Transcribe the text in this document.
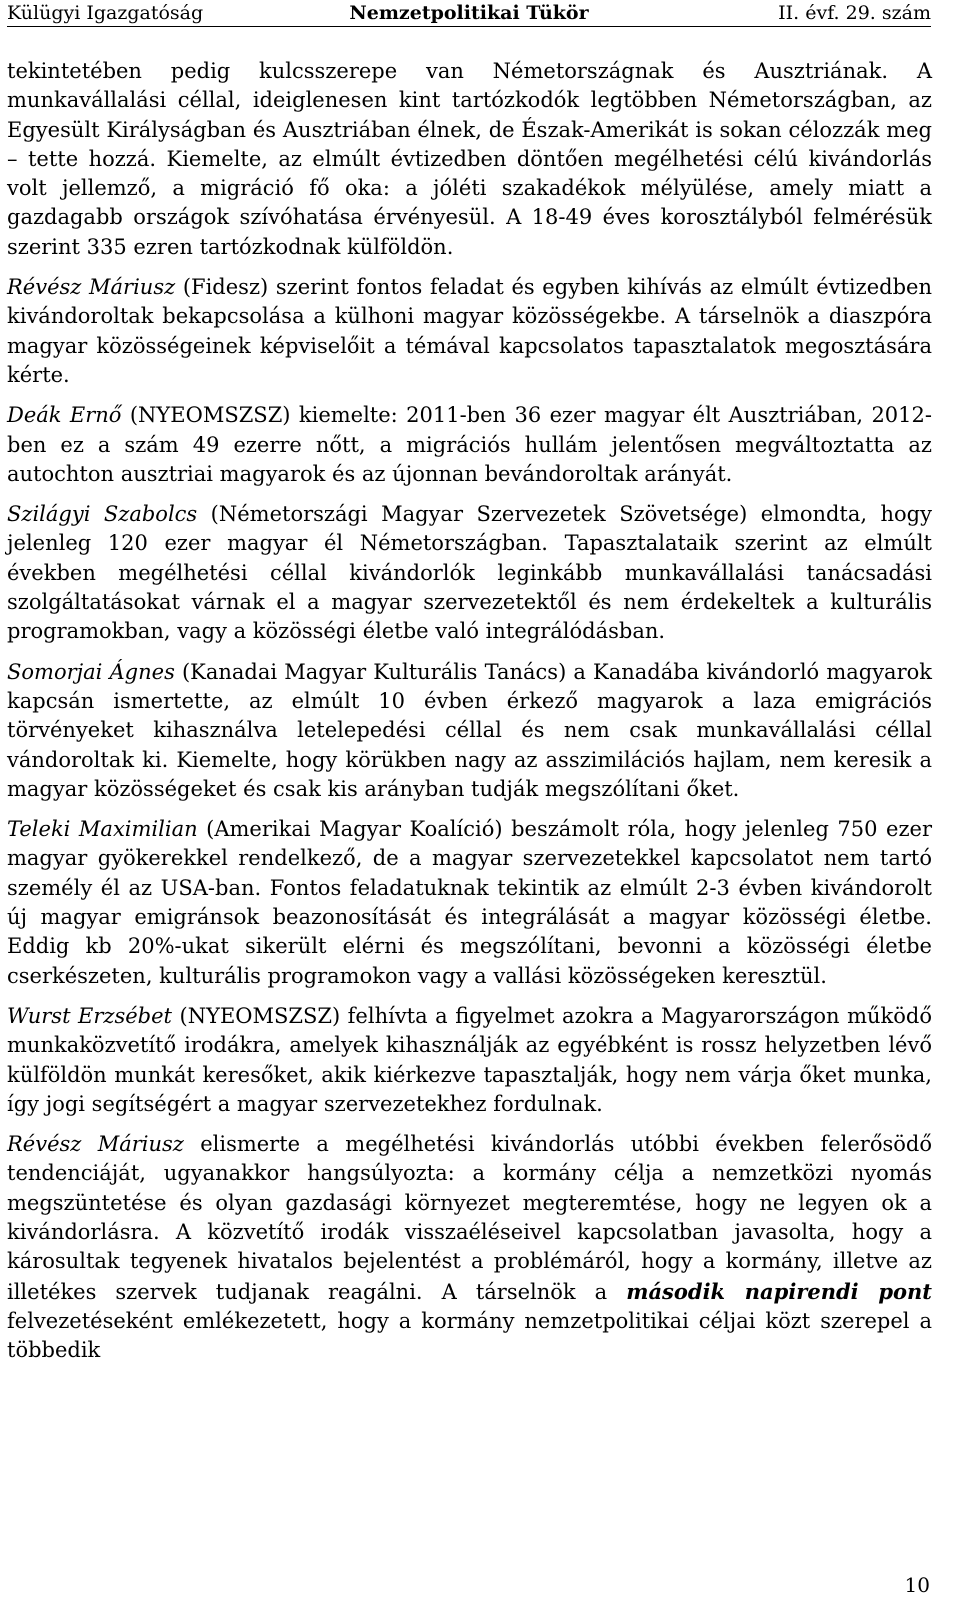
Külügyi Igazgatóság	Nemzetpolitikai Tükör	II. évf. 29. szám

tekintetében pedig kulcsszerepe van Németországnak és Ausztriának. A munkavállalási céllal, ideiglenesen kint tartózkodók legtöbben Németországban, az Egyesült Királyságban és Ausztriában élnek, de Észak-Amerikát is sokan célozzák meg – tette hozzá. Kiemelte, az elmúlt évtizedben döntően megélhetési célú kivándorlás volt jellemző, a migráció fő oka: a jóléti szakadékok mélyülése, amely miatt a gazdagabb országok szívóhatása érvényesül. A 18-49 éves korosztályból felmérésük szerint 335 ezren tartózkodnak külföldön.

Révész Máriusz (Fidesz) szerint fontos feladat és egyben kihívás az elmúlt évtizedben kivándoroltak bekapcsolása a külhoni magyar közösségekbe. A társelnök a diaszpóra magyar közösségeinek képviselőit a témával kapcsolatos tapasztalatok megosztására kérte.

Deák Ernő (NYEOMSZSZ) kiemelte: 2011-ben 36 ezer magyar élt Ausztriában, 2012-ben ez a szám 49 ezerre nőtt, a migrációs hullám jelentősen megváltoztatta az autochton ausztriai magyarok és az újonnan bevándoroltak arányát.

Szilágyi Szabolcs (Németországi Magyar Szervezetek Szövetsége) elmondta, hogy jelenleg 120 ezer magyar él Németországban. Tapasztalataik szerint az elmúlt években megélhetési céllal kivándorlók leginkább munkavállalási tanácsadási szolgáltatásokat várnak el a magyar szervezetektől és nem érdekeltek a kulturális programokban, vagy a közösségi életbe való integrálódásban.

Somorjai Ágnes (Kanadai Magyar Kulturális Tanács) a Kanadába kivándorló magyarok kapcsán ismertette, az elmúlt 10 évben érkező magyarok a laza emigrációs törvényeket kihasználva letelepedési céllal és nem csak munkavállalási céllal vándoroltak ki. Kiemelte, hogy körükben nagy az asszimilációs hajlam, nem keresik a magyar közösségeket és csak kis arányban tudják megszólítani őket.

Teleki Maximilian (Amerikai Magyar Koalíció) beszámolt róla, hogy jelenleg 750 ezer magyar gyökerekkel rendelkező, de a magyar szervezetekkel kapcsolatot nem tartó személy él az USA-ban. Fontos feladatuknak tekintik az elmúlt 2-3 évben kivándorolt új magyar emigránsok beazonosítását és integrálását a magyar közösségi életbe. Eddig kb 20%-ukat sikerült elérni és megszólítani, bevonni a közösségi életbe cserkészeten, kulturális programokon vagy a vallási közösségeken keresztül.

Wurst Erzsébet (NYEOMSZSZ) felhívta a figyelmet azokra a Magyarországon működő munkaközvetítő irodákra, amelyek kihasználják az egyébként is rossz helyzetben lévő külföldön munkát keresőket, akik kiérkezve tapasztalják, hogy nem várja őket munka, így jogi segítségért a magyar szervezetekhez fordulnak.

Révész Máriusz elismerte a megélhetési kivándorlás utóbbi években felerősödő tendenciáját, ugyanakkor hangsúlyozta: a kormány célja a nemzetközi nyomás megszüntetése és olyan gazdasági környezet megteremtése, hogy ne legyen ok a kivándorlásra. A közvetítő irodák visszaéléseivel kapcsolatban javasolta, hogy a károsultak tegyenek hivatalos bejelentést a problémáról, hogy a kormány, illetve az illetékes szervek tudjanak reagálni. A társelnök a második napirendi pont felvezetéseként emlékezetett, hogy a kormány nemzetpolitikai céljai közt szerepel a többedik

10
